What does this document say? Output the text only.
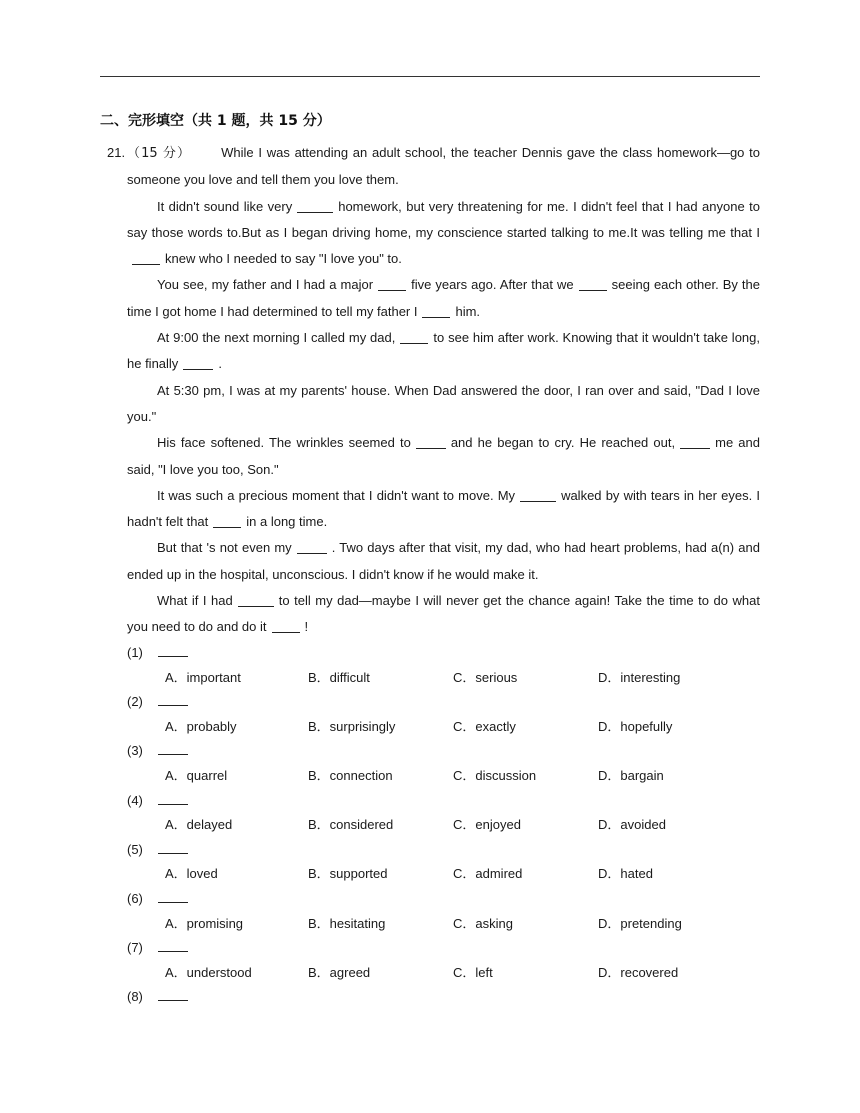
二、完形填空（共 1 题，共 15 分）

21. （15 分） While I was attending an adult school, the teacher Dennis gave the class homework—go to someone you love and tell them you love them.

It didn't sound like very	homework, but very threatening for me. I didn't feel that I had anyone to say those words to.But as I began driving home, my conscience started talking to me.It was telling me that Iknew who I needed to say "I love you" to.

You see, my father and I had a major	five years ago. After that we	seeing each other. By the time I got home I had determined to tell my father I	him.

At 9:00 the next morning I called my dad,	to see him after work. Knowing that it wouldn't take long, he finally	.

At 5:30 pm, I was at my parents' house. When Dad answered the door, I ran over and said, "Dad I love you."

His face softened. The wrinkles seemed to	and he began to cry. He reached out,	me and said, "I love you too, Son."

It was such a precious moment that I didn't want to move. My	walked by with tears in her eyes. I hadn't felt that	in a long time.

But that 's not even my	. Two days after that visit, my dad, who had heart problems, had a(n) and ended up in the hospital, unconscious. I didn't know if he would make it.

What if I had	to tell my dad—maybe I will never get the chance again! Take the time to do what you need to do and do it	!

(1)
A．important	B．difficult	C．serious	D．interesting
(2)
A．probably	B．surprisingly	C．exactly	D．hopefully
(3)
A．quarrel	B．connection	C．discussion	D．bargain
(4)
A．delayed	B．considered	C．enjoyed	D．avoided
(5)
A．loved	B．supported	C．admired	D．hated
(6)
A．promising	B．hesitating	C．asking	D．pretending
(7)
A．understood	B．agreed	C．left	D．recovered
(8)
